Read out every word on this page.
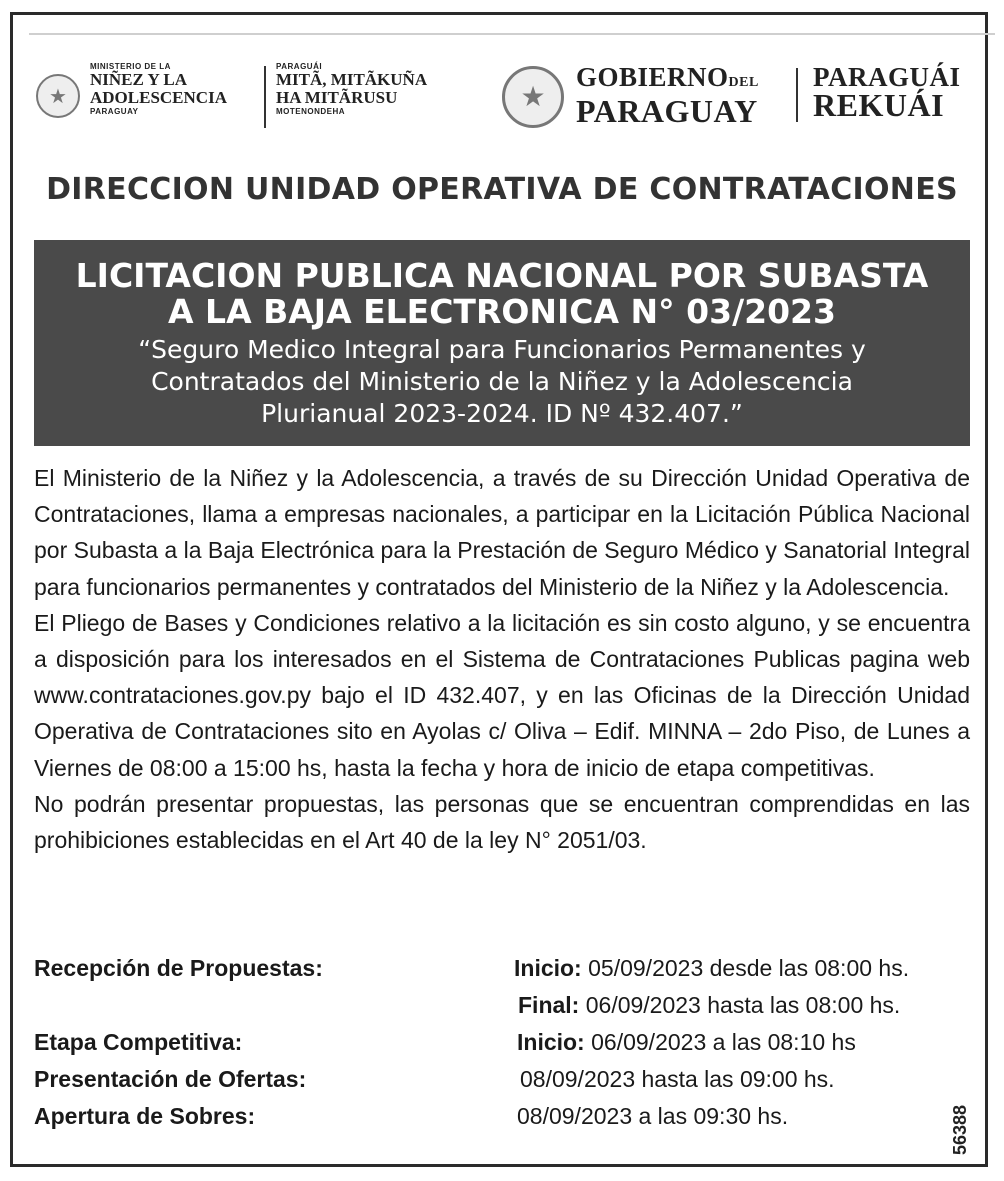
★
MINISTERIO DE LA
NIÑEZ Y LA
ADOLESCENCIA
PARAGUAY
PARAGUÁI
MITÃ, MITÃKUÑA
HA MITÃRUSU
MOTENONDEHA	★
GOBIERNODEL
PARAGUAY
PARAGUÁI
REKUÁI
DIRECCION UNIDAD OPERATIVA DE CONTRATACIONES
LICITACION PUBLICA NACIONAL POR SUBASTA
A LA BAJA ELECTRONICA N° 03/2023
“Seguro Medico Integral para Funcionarios Permanentes y
Contratados del Ministerio de la Niñez y la Adolescencia
Plurianual 2023-2024. ID Nº 432.407.”

El Ministerio de la Niñez y la Adolescencia, a través de su Dirección Unidad Operativa de Contrataciones, llama a empresas nacionales, a participar en la Licitación Pública Nacional por Subasta a la Baja Electrónica para la Prestación de Seguro Médico y Sanatorial Integral para funcionarios permanentes y contratados del Ministerio de la Niñez y la Adolescencia.

El Pliego de Bases y Condiciones relativo a la licitación es sin costo alguno, y se encuentra a disposición para los interesados en el Sistema de Contrataciones Publicas pagina web www.contrataciones.gov.py bajo el ID 432.407, y en las Oficinas de la Dirección Unidad Operativa de Contrataciones sito en Ayolas c/ Oliva – Edif. MINNA – 2do Piso, de Lunes a Viernes de 08:00 a 15:00 hs, hasta la fecha y hora de inicio de etapa competitivas.

No podrán presentar propuestas, las personas que se encuentran comprendidas en las prohibiciones establecidas en el Art 40 de la ley N° 2051/03.

Recepción de Propuestas:	Inicio: 05/09/2023 desde las 08:00 hs.
Final: 06/09/2023 hasta las 08:00 hs.
Etapa Competitiva:	Inicio: 06/09/2023 a las 08:10 hs
Presentación de Ofertas:	08/09/2023 hasta las 09:00 hs.
Apertura de Sobres:	08/09/2023 a las 09:30 hs.	56388
